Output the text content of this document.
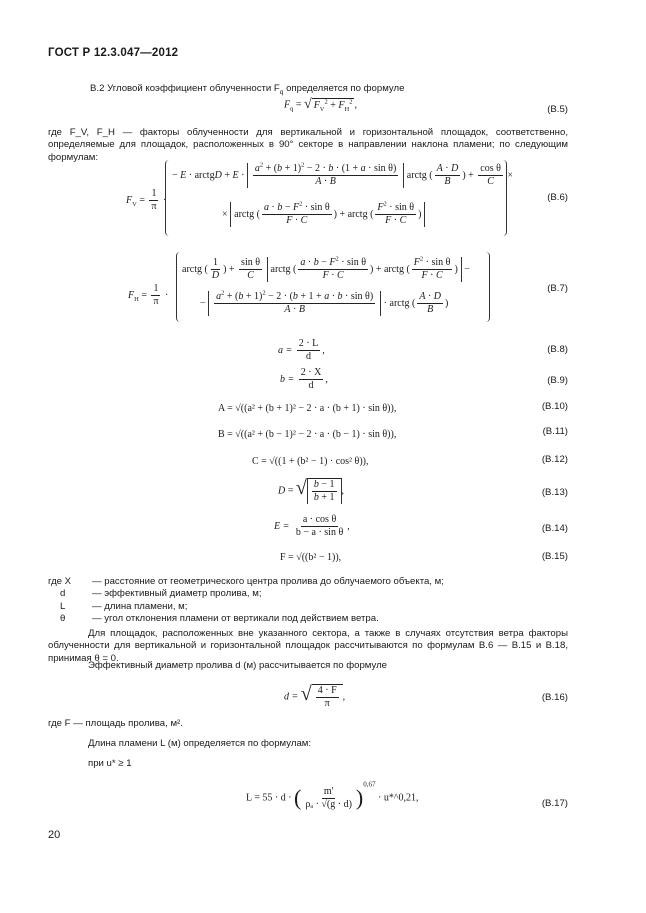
ГОСТ Р 12.3.047—2012
В.2 Угловой коэффициент облученности $F_q$ определяется по формуле
$F_q$ = √ $F_V^2 + F_H^2$ ,	(В.5)
где F_V, F_H — факторы облученности для вертикальной и горизонтальной площадок, соответственно, определяемые для площадок, расположенных в 90° секторе в направлении наклона пламени; по следующим формулам:
$F_V = \frac{1}{\pi}$ ·
− E · arctgD + $E \cdot \frac{a^2 + (b + 1)^2 - 2 \cdot b \cdot (1 + a \cdot \sin \theta)}{A \cdot B}$ arctg ( $\frac{A \cdot D}{B}$ ) + $\frac{\text{cos θ}}{C}$ ×
× arctg ( $\frac{a \cdot b - F^2 \cdot \sin \theta}{F \cdot C}$ ) + arctg ( $\frac{F^2 \cdot \sin \theta}{F \cdot C}$ )
(В.6)
$F_H = \frac{1}{\pi}$ ·
arctg ( $\frac{1}{D}$ ) + $\frac{\text{sin θ}}{C}$ arctg ( $\frac{a \cdot b - F^2 \cdot \sin \theta}{F \cdot C}$ ) + arctg ( $\frac{F^2 \cdot \sin \theta}{F \cdot C}$ ) −
− $\frac{a^2 + (b + 1)^2 - 2 \cdot (b + 1 + a \cdot b \cdot \sin \theta)}{A \cdot B}$ · arctg ( $\frac{A \cdot D}{B}$ )
(В.7)
$a = \frac{2 \cdot L}{d}$ ,	(В.8)
$b = \frac{2 \cdot X}{d}$ ,	(В.9)
A = √((a² + (b + 1)² − 2 · a · (b + 1) · sin θ)),	(В.10)
B = √((a² + (b − 1)² − 2 · a · (b − 1) · sin θ)),	(В.11)
C = √((1 + (b² − 1) · cos² θ)),	(В.12)
D = √ $\frac{b - 1}{b + 1}$ ,	(В.13)
$E = \frac{\text{a · cos θ}}{\text{b − a · sin θ}}$ ,	(В.14)
F = √((b² − 1)),	(В.15)
где X	— расстояние от геометрического центра пролива до облучаемого объекта, м;
d	— эффективный диаметр пролива, м;
L	— длина пламени, м;
θ	— угол отклонения пламени от вертикали под действием ветра.
Для площадок, расположенных вне указанного сектора, а также в случаях отсутствия ветра факторы облученности для вертикальной и горизонтальной площадок рассчитываются по формулам В.6 — В.15 и В.18, принимая θ = 0.
Эффективный диаметр пролива d (м) рассчитывается по формуле
d = √ $\frac{4 \cdot F}{\pi}$ ,	(В.16)
где F — площадь пролива, м².
Длина пламени L (м) определяется по формулам:
при u* ≥ 1
L = 55 · d · ( $\frac{m'}{\text{ρₐ · √(g · d)}} )^{0,67}$ · u*^0,21,	(В.17)
20
